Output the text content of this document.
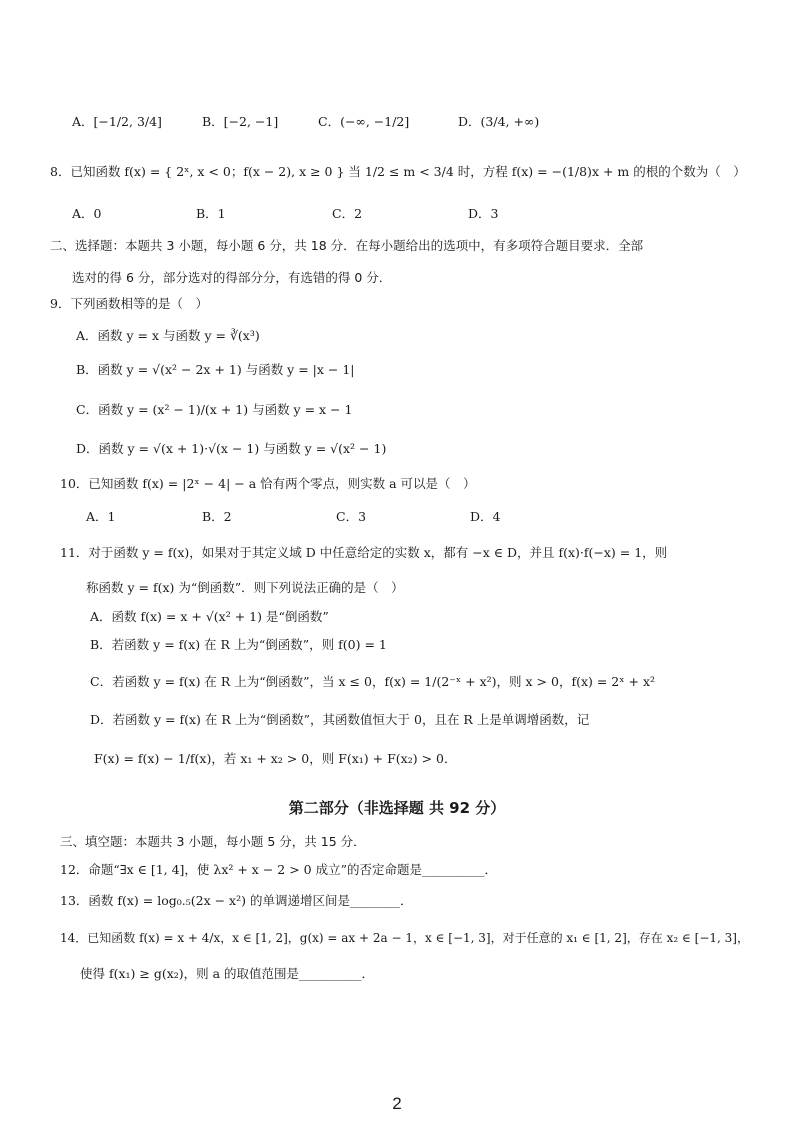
A．[−1/2, 3/4]	B．[−2, −1]	C．(−∞, −1/2]	D．(3/4, +∞)
8．已知函数 f(x) = { 2ˣ, x < 0；f(x − 2), x ≥ 0 } 当 1/2 ≤ m < 3/4 时，方程 f(x) = −(1/8)x + m 的根的个数为（　）
A．0	B．1	C．2	D．3
二、选择题：本题共 3 小题，每小题 6 分，共 18 分．在每小题给出的选项中，有多项符合题目要求．全部
选对的得 6 分，部分选对的得部分分，有选错的得 0 分．
9．下列函数相等的是（　）
A．函数 y = x 与函数 y = ∛(x³)
B．函数 y = √(x² − 2x + 1) 与函数 y = |x − 1|
C．函数 y = (x² − 1)/(x + 1) 与函数 y = x − 1
D．函数 y = √(x + 1)·√(x − 1) 与函数 y = √(x² − 1)
10．已知函数 f(x) = |2ˣ − 4| − a 恰有两个零点，则实数 a 可以是（　）
A．1	B．2	C．3	D．4
11．对于函数 y = f(x)，如果对于其定义域 D 中任意给定的实数 x，都有 −x ∈ D，并且 f(x)·f(−x) = 1，则
称函数 y = f(x) 为“倒函数”．则下列说法正确的是（　）
A．函数 f(x) = x + √(x² + 1) 是“倒函数”
B．若函数 y = f(x) 在 R 上为“倒函数”，则 f(0) = 1
C．若函数 y = f(x) 在 R 上为“倒函数”，当 x ≤ 0，f(x) = 1/(2⁻ˣ + x²)，则 x > 0，f(x) = 2ˣ + x²
D．若函数 y = f(x) 在 R 上为“倒函数”，其函数值恒大于 0，且在 R 上是单调增函数，记
F(x) = f(x) − 1/f(x)，若 x₁ + x₂ > 0，则 F(x₁) + F(x₂) > 0．
第二部分（非选择题 共 92 分）
三、填空题：本题共 3 小题，每小题 5 分，共 15 分．
12．命题“∃x ∈ [1, 4]，使 λx² + x − 2 > 0 成立”的否定命题是__________．
13．函数 f(x) = log₀.₅(2x − x²) 的单调递增区间是________．
14．已知函数 f(x) = x + 4/x，x ∈ [1, 2]，g(x) = ax + 2a − 1，x ∈ [−1, 3]，对于任意的 x₁ ∈ [1, 2]，存在 x₂ ∈ [−1, 3]，
使得 f(x₁) ≥ g(x₂)，则 a 的取值范围是__________．
2
